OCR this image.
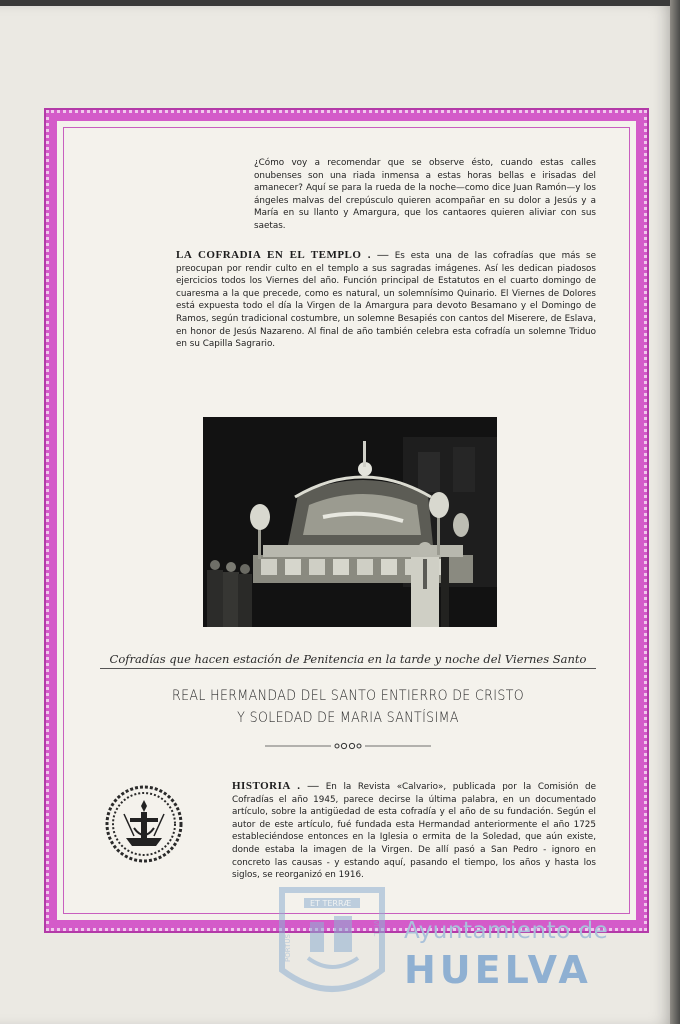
¿Cómo voy a recomendar que se observe ésto, cuando estas calles onubenses son una riada inmensa a estas horas bellas e irisadas del amanecer? Aquí se para la rueda de la noche—como dice Juan Ramón—y los ángeles malvas del crepúsculo quieren acompañar en su dolor a Jesús y a María en su llanto y Amargura, que los cantaores quieren aliviar con sus saetas.

LA COFRADIA EN EL TEMPLO . — Es esta una de las cofradías que más se preocupan por rendir culto en el templo a sus sagradas imágenes. Así les dedican piadosos ejercicios todos los Viernes del año. Función principal de Estatutos en el cuarto domingo de cuaresma a la que precede, como es natural, un solemnísimo Quinario. El Viernes de Dolores está expuesta todo el día la Virgen de la Amargura para devoto Besamano y el Domingo de Ramos, según tradicional costumbre, un solemne Besapiés con cantos del Miserere, de Eslava, en honor de Jesús Nazareno. Al final de año también celebra esta cofradía un solemne Triduo en su Capilla Sagrario.

Cofradías que hacen estación de Penitencia en la tarde y noche del Viernes Santo
REAL HERMANDAD DEL SANTO ENTIERRO DE CRISTO
Y SOLEDAD DE MARIA SANTÍSIMA

HISTORIA . — En la Revista «Calvario», publicada por la Comisión de Cofradías el año 1945, parece decirse la última palabra, en un documentado artículo, sobre la antigüedad de esta cofradía y el año de su fundación. Según el autor de este artículo, fué fundada esta Hermandad anteriormente el año 1725 estableciéndose entonces en la Iglesia o ermita de la Soledad, que aún existe, donde estaba la imagen de la Virgen. De allí pasó a San Pedro - ignoro en concreto las causas - y estando aquí, pasando el tiempo, los años y hasta los siglos, se reorganizó en 1916.

ET TERRÆ
PORTUS
VIOL Ayuntamiento de
HUELVA
